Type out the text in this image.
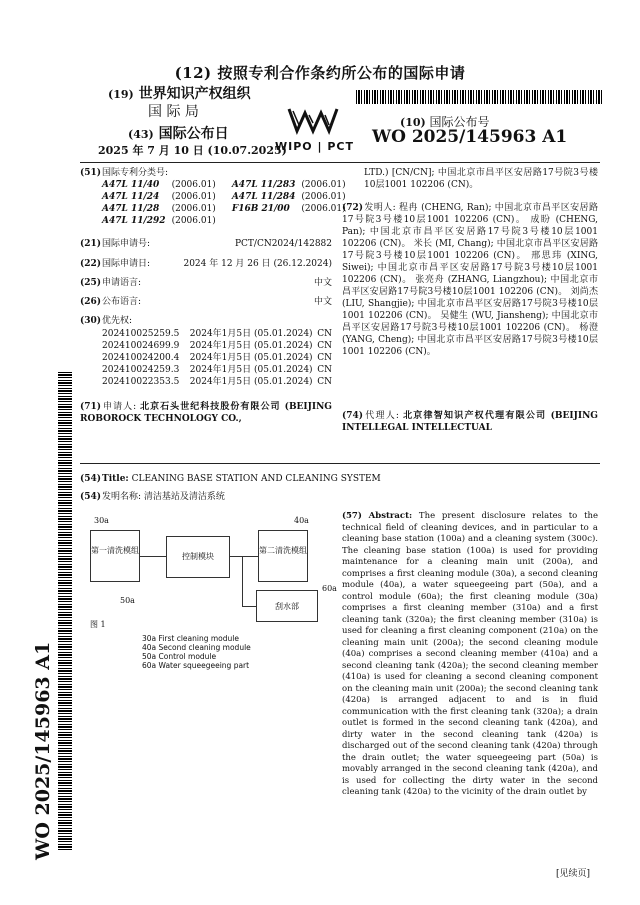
(12) 按照专利合作条约所公布的国际申请
(19) 世界知识产权组织
国 际 局
(43) 国际公布日
2025 年 7 月 10 日 (10.07.2025)
WIPO | PCT
(10) 国际公布号
WO 2025/145963 A1
(51)国际专利分类号:
A47L 11/40	(2006.01)	A47L 11/283	(2006.01)
A47L 11/24	(2006.01)	A47L 11/284	(2006.01)
A47L 11/28	(2006.01)	F16B 21/00	(2006.01)
A47L 11/292	(2006.01)		
(21)国际申请号:	PCT/CN2024/142882
(22)国际申请日:	2024 年 12 月 26 日 (26.12.2024)
(25)申请语言:	中文
(26)公布语言:	中文
(30)优先权:
202410025259.5	2024年1月5日 (05.01.2024)	CN
202410024699.9	2024年1月5日 (05.01.2024)	CN
202410024200.4	2024年1月5日 (05.01.2024)	CN
202410024259.3	2024年1月5日 (05.01.2024)	CN
202410022353.5	2024年1月5日 (05.01.2024)	CN
(71)申请人: 北京石头世纪科技股份有限公司 (BEIJING ROBOROCK TECHNOLOGY CO.,
LTD.) [CN/CN]; 中国北京市昌平区安居路17号院3号楼10层1001 102206 (CN)。
(72)发明人: 程冉 (CHENG, Ran); 中国北京市昌平区安居路17号院3号楼10层1001 102206 (CN)。 成盼 (CHENG, Pan); 中国北京市昌平区安居路17号院3号楼10层1001 102206 (CN)。 米长 (MI, Chang); 中国北京市昌平区安居路17号院3号楼10层1001 102206 (CN)。 邢思玮 (XING, Siwei); 中国北京市昌平区安居路17号院3号楼10层1001 102206 (CN)。 张亮舟 (ZHANG, Liangzhou); 中国北京市昌平区安居路17号院3号楼10层1001 102206 (CN)。 刘尚杰 (LIU, Shangjie); 中国北京市昌平区安居路17号院3号楼10层1001 102206 (CN)。 吴健生 (WU, Jiansheng); 中国北京市昌平区安居路17号院3号楼10层1001 102206 (CN)。 杨澄 (YANG, Cheng); 中国北京市昌平区安居路17号院3号楼10层1001 102206 (CN)。
(74)代理人: 北京律智知识产权代理有限公司 (BEIJING INTELLEGAL INTELLECTUAL
(54)Title: CLEANING BASE STATION AND CLEANING SYSTEM
(54)发明名称: 清洁基站及清洁系统
30a	40a
50a
60a
第一清洗模组
控制模块
第二清洗模组
刮水部
图 1
30a First cleaning module
40a Second cleaning module
50a Control module
60a Water squeegeeing part
(57) Abstract: The present disclosure relates to the technical field of cleaning devices, and in particular to a cleaning base station (100a) and a cleaning system (300c). The cleaning base station (100a) is used for providing maintenance for a cleaning main unit (200a), and comprises a first cleaning module (30a), a second cleaning module (40a), a water squeegeeing part (50a), and a control module (60a); the first cleaning module (30a) comprises a first cleaning member (310a) and a first cleaning tank (320a); the first cleaning member (310a) is used for cleaning a first cleaning component (210a) on the cleaning main unit (200a); the second cleaning module (40a) comprises a second cleaning member (410a) and a second cleaning tank (420a); the second cleaning member (410a) is used for cleaning a second cleaning component on the cleaning main unit (200a); the second cleaning tank (420a) is arranged adjacent to and is in fluid communication with the first cleaning tank (320a); a drain outlet is formed in the second cleaning tank (420a), and dirty water in the second cleaning tank (420a) is discharged out of the second cleaning tank (420a) through the drain outlet; the water squeegeeing part (50a) is movably arranged in the second cleaning tank (420a), and is used for collecting the dirty water in the second cleaning tank (420a) to the vicinity of the drain outlet by
WO 2025/145963 A1
[见续页]
